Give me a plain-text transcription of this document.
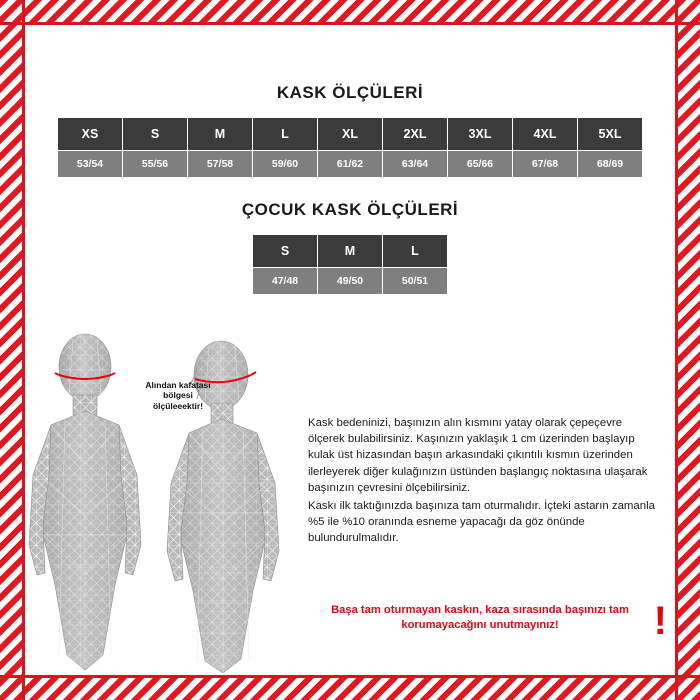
KASK ÖLÇÜLERİ
XS	S	M	L	XL	2XL	3XL	4XL	5XL
53/54	55/56	57/58	59/60	61/62	63/64	65/66	67/68	68/69
ÇOCUK KASK ÖLÇÜLERİ
S	M	L
47/48	49/50	50/51
Alından kafatası
bölgesi
ölçüleeektir!

Kask bedeninizi, başınızın alın kısmını yatay olarak çepeçevre ölçerek bulabilirsiniz. Kaşınızın yaklaşık 1 cm üzerinden başlayıp kulak üst hizasından başın arkasındaki çıkıntılı kısmın üzerinden ilerleyerek diğer kulağınızın üstünden başlangıç noktasına ulaşarak başınızın çevresini ölçebilirsiniz.

Kaskı ilk taktığınızda başınıza tam oturmalıdır. İçteki astarın zamanla %5 ile %10 oranında esneme yapacağı da göz önünde bulundurulmalıdır.

Başa tam oturmayan kaskın, kaza sırasında başınızı tam
korumayacağını unutmayınız!	!
